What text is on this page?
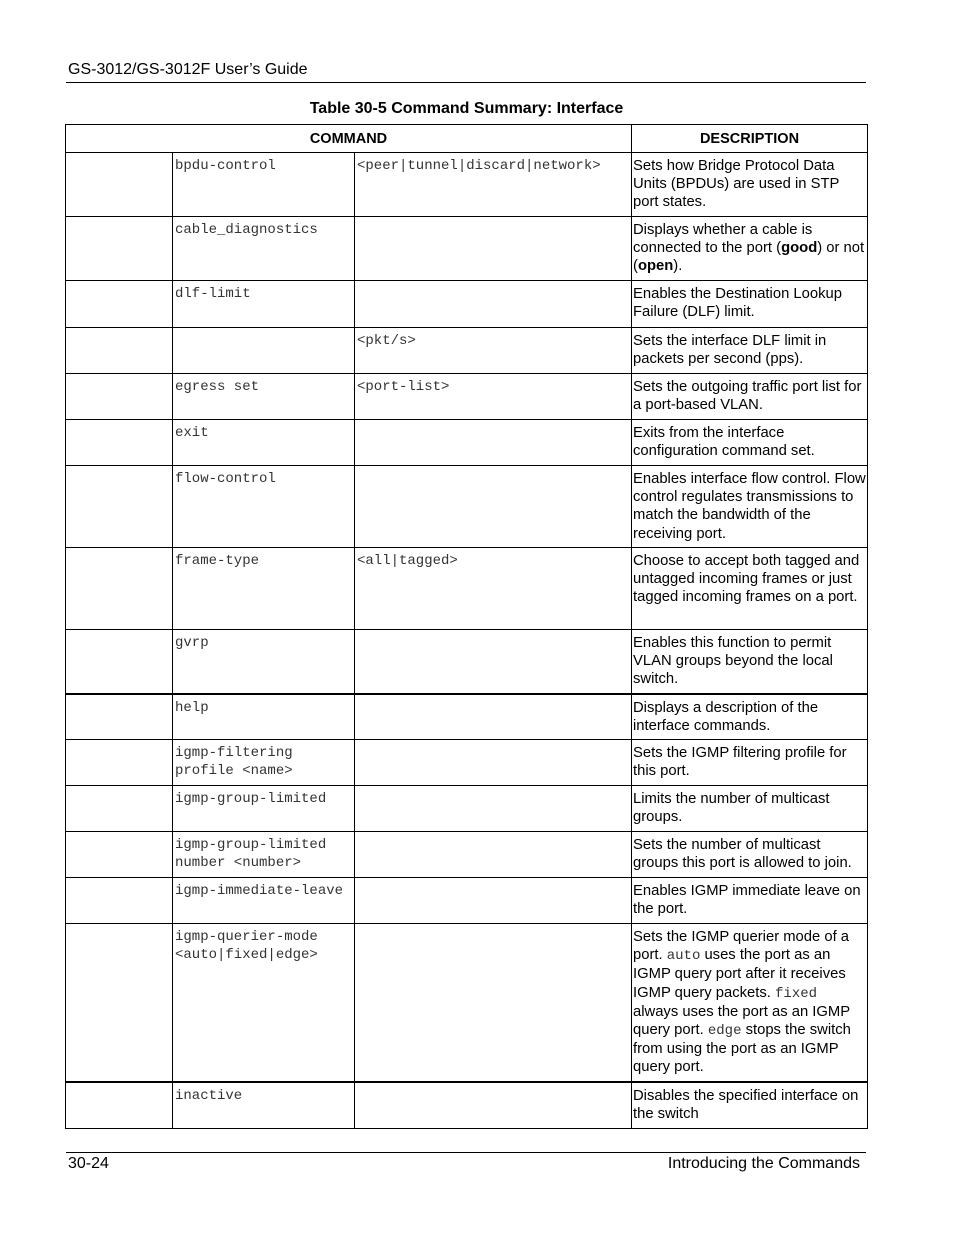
GS-3012/GS-3012F User’s Guide
Table 30-5 Command Summary: Interface
COMMAND			DESCRIPTION
	bpdu-control	<peer|tunnel|discard|network>	Sets how Bridge Protocol Data Units (BPDUs) are used in STP port states.
	cable_diagnostics		Displays whether a cable is connected to the port (good) or not (open).
	dlf-limit		Enables the Destination Lookup Failure (DLF) limit.
		<pkt/s>	Sets the interface DLF limit in packets per second (pps).
	egress set	<port-list>	Sets the outgoing traffic port list for a port-based VLAN.
	exit		Exits from the interface configuration command set.
	flow-control		Enables interface flow control. Flow control regulates transmissions to match the bandwidth of the receiving port.
	frame-type	<all|tagged>	Choose to accept both tagged and untagged incoming frames or just tagged incoming frames on a port.
	gvrp		Enables this function to permit VLAN groups beyond the local switch.
	help		Displays a description of the interface commands.
	igmp-filtering profile <name>		Sets the IGMP filtering profile for this port.
	igmp-group-limited		Limits the number of multicast groups.
	igmp-group-limited number <number>		Sets the number of multicast groups this port is allowed to join.
	igmp-immediate-leave		Enables IGMP immediate leave on the port.
	igmp-querier-mode <auto|fixed|edge>		Sets the IGMP querier mode of a port. auto uses the port as an IGMP query port after it receives IGMP query packets. fixed always uses the port as an IGMP query port. edge stops the switch from using the port as an IGMP query port.
	inactive		Disables the specified interface on the switch
30-24	Introducing the Commands
